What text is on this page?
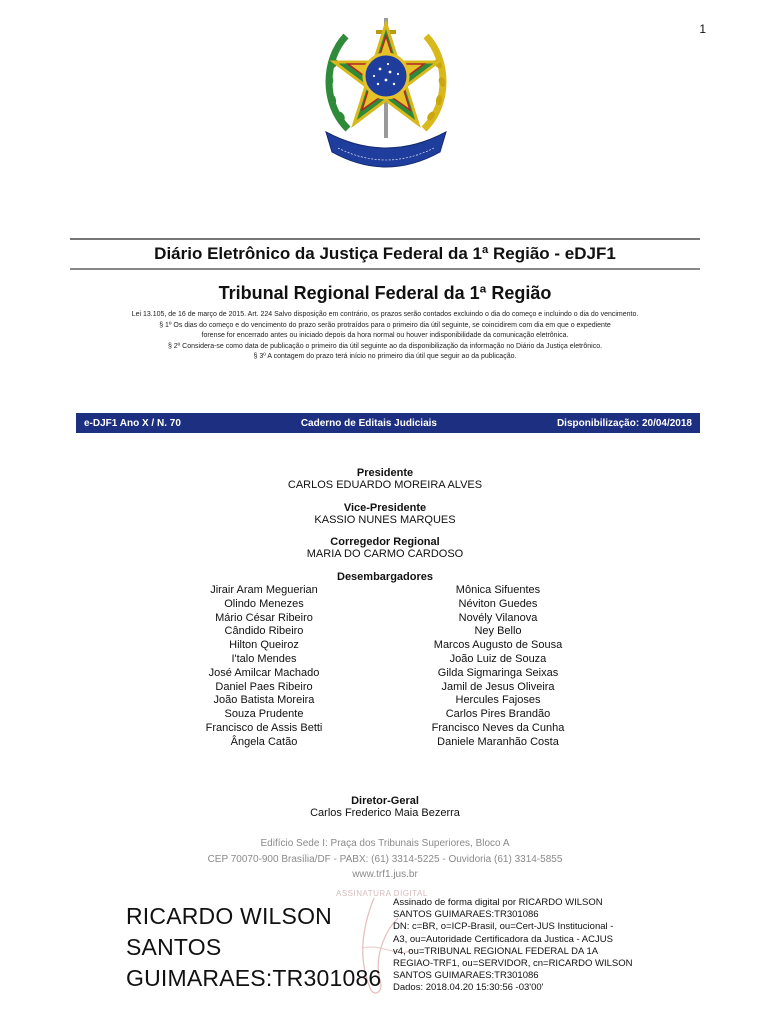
1
Diário Eletrônico da Justiça Federal da 1ª Região - eDJF1
Tribunal Regional Federal da 1ª Região
Lei 13.105, de 16 de março de 2015. Art. 224 Salvo disposição em contrário, os prazos serão contados excluindo o dia do começo e incluindo o dia do vencimento.
§ 1º Os dias do começo e do vencimento do prazo serão protraídos para o primeiro dia útil seguinte, se coincidirem com dia em que o expediente
forense for encerrado antes ou iniciado depois da hora normal ou houver indisponibilidade da comunicação eletrônica.
§ 2º Considera-se como data de publicação o primeiro dia útil seguinte ao da disponibilização da informação no Diário da Justiça eletrônico.
§ 3º A contagem do prazo terá início no primeiro dia útil que seguir ao da publicação.
e-DJF1 Ano X / N. 70	Caderno de Editais Judiciais	Disponibilização: 20/04/2018
Presidente
CARLOS EDUARDO MOREIRA ALVES
Vice-Presidente
KASSIO NUNES MARQUES
Corregedor Regional
MARIA DO CARMO CARDOSO
Desembargadores
Jirair Aram Meguerian
Olindo Menezes
Mário César Ribeiro
Cândido Ribeiro
Hilton Queiroz
I'talo Mendes
José Amilcar Machado
Daniel Paes Ribeiro
João Batista Moreira
Souza Prudente
Francisco de Assis Betti
Ângela Catão
Mônica Sifuentes
Néviton Guedes
Novély Vilanova
Ney Bello
Marcos Augusto de Sousa
João Luiz de Souza
Gilda Sigmaringa Seixas
Jamil de Jesus Oliveira
Hercules Fajoses
Carlos Pires Brandão
Francisco Neves da Cunha
Daniele Maranhão Costa
Diretor-Geral
Carlos Frederico Maia Bezerra
Edifício Sede I: Praça dos Tribunais Superiores, Bloco A
CEP 70070-900 Brasília/DF - PABX: (61) 3314-5225 - Ouvidoria (61) 3314-5855
www.trf1.jus.br
ASSINATURA DIGITAL
RICARDO WILSON
SANTOS
GUIMARAES:TR301086
Assinado de forma digital por RICARDO WILSON
SANTOS GUIMARAES:TR301086
DN: c=BR, o=ICP-Brasil, ou=Cert-JUS Institucional -
A3, ou=Autoridade Certificadora da Justica - ACJUS
v4, ou=TRIBUNAL REGIONAL FEDERAL DA 1A
REGIAO-TRF1, ou=SERVIDOR, cn=RICARDO WILSON
SANTOS GUIMARAES:TR301086
Dados: 2018.04.20 15:30:56 -03'00'
